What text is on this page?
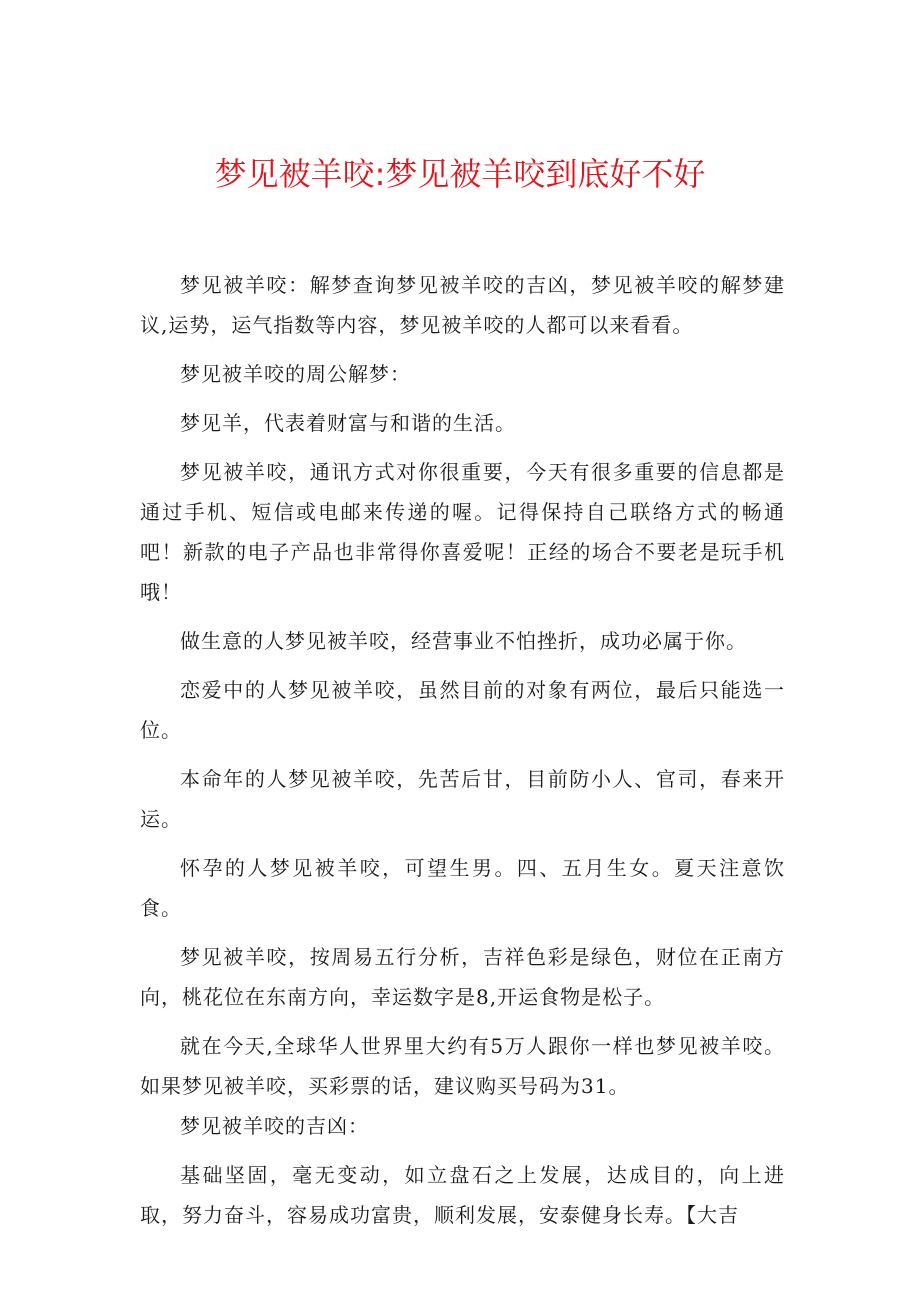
梦见被羊咬:梦见被羊咬到底好不好

梦见被羊咬：解梦查询梦见被羊咬的吉凶，梦见被羊咬的解梦建议,运势，运气指数等内容，梦见被羊咬的人都可以来看看。

梦见被羊咬的周公解梦：

梦见羊，代表着财富与和谐的生活。

梦见被羊咬，通讯方式对你很重要，今天有很多重要的信息都是通过手机、短信或电邮来传递的喔。记得保持自己联络方式的畅通吧！新款的电子产品也非常得你喜爱呢！正经的场合不要老是玩手机哦！

做生意的人梦见被羊咬，经营事业不怕挫折，成功必属于你。

恋爱中的人梦见被羊咬，虽然目前的对象有两位，最后只能选一位。

本命年的人梦见被羊咬，先苦后甘，目前防小人、官司，春来开运。

怀孕的人梦见被羊咬，可望生男。四、五月生女。夏天注意饮食。

梦见被羊咬，按周易五行分析，吉祥色彩是绿色，财位在正南方向，桃花位在东南方向，幸运数字是8,开运食物是松子。

就在今天,全球华人世界里大约有5万人跟你一样也梦见被羊咬。如果梦见被羊咬，买彩票的话，建议购买号码为31。

梦见被羊咬的吉凶：

基础坚固，毫无变动，如立盘石之上发展，达成目的，向上进取，努力奋斗，容易成功富贵，顺利发展，安泰健身长寿。【大吉
